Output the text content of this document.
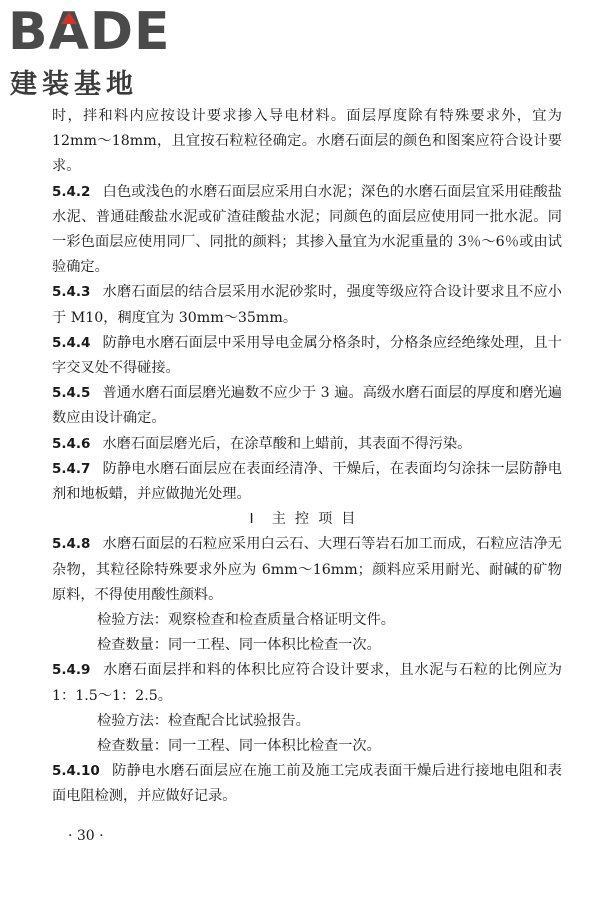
B A DE
建装基地

时，拌和料内应按设计要求掺入导电材料。面层厚度除有特殊要求外，宜为 12mm～18mm，且宜按石粒粒径确定。水磨石面层的颜色和图案应符合设计要求。

5.4.2 白色或浅色的水磨石面层应采用白水泥；深色的水磨石面层宜采用硅酸盐水泥、普通硅酸盐水泥或矿渣硅酸盐水泥；同颜色的面层应使用同一批水泥。同一彩色面层应使用同厂、同批的颜料；其掺入量宜为水泥重量的 3％～6％或由试验确定。

5.4.3 水磨石面层的结合层采用水泥砂浆时，强度等级应符合设计要求且不应小于 M10，稠度宜为 30mm～35mm。

5.4.4 防静电水磨石面层中采用导电金属分格条时，分格条应经绝缘处理，且十字交叉处不得碰接。

5.4.5 普通水磨石面层磨光遍数不应少于 3 遍。高级水磨石面层的厚度和磨光遍数应由设计确定。

5.4.6 水磨石面层磨光后，在涂草酸和上蜡前，其表面不得污染。

5.4.7 防静电水磨石面层应在表面经清净、干燥后，在表面均匀涂抹一层防静电剂和地板蜡，并应做抛光处理。

Ⅰ 主控项目

5.4.8 水磨石面层的石粒应采用白云石、大理石等岩石加工而成，石粒应洁净无杂物，其粒径除特殊要求外应为 6mm～16mm；颜料应采用耐光、耐碱的矿物原料，不得使用酸性颜料。

检验方法：观察检查和检查质量合格证明文件。

检查数量：同一工程、同一体积比检查一次。

5.4.9 水磨石面层拌和料的体积比应符合设计要求，且水泥与石粒的比例应为 1：1.5～1：2.5。

检验方法：检查配合比试验报告。

检查数量：同一工程、同一体积比检查一次。

5.4.10 防静电水磨石面层应在施工前及施工完成表面干燥后进行接地电阻和表面电阻检测，并应做好记录。

· 30 ·
